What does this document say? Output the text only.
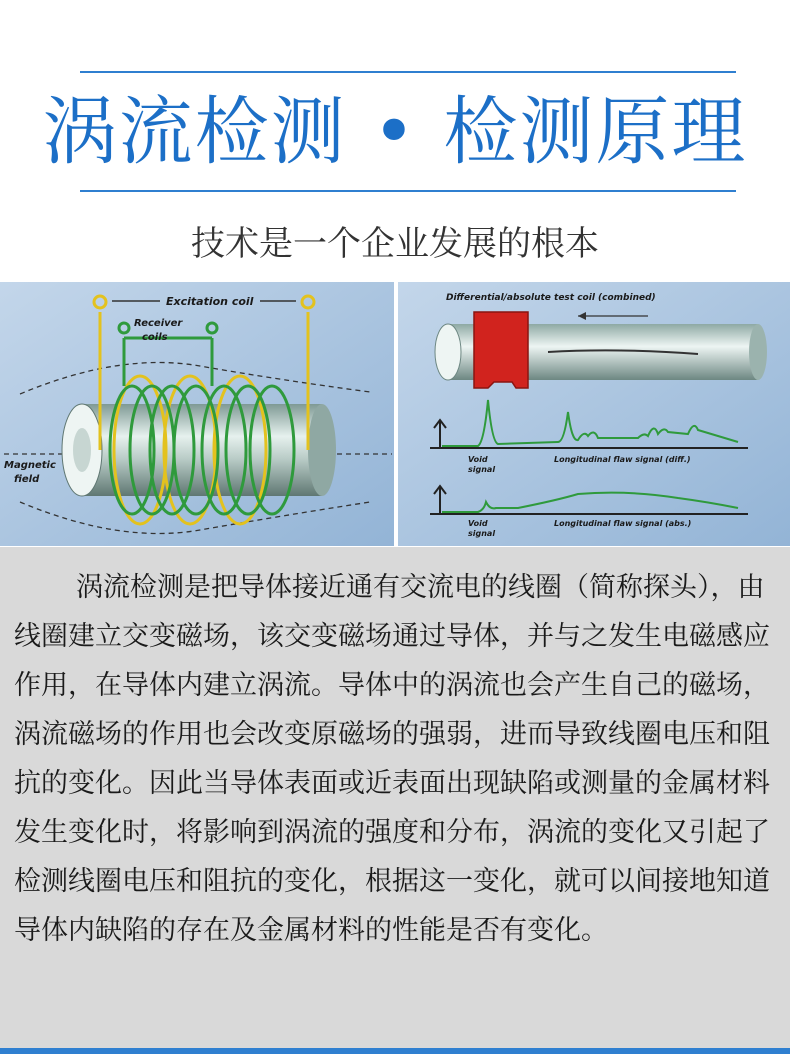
涡流检测 • 检测原理
技术是一个企业发展的根本
Excitation coil
Receiver
coils
Magnetic
field
Differential/absolute test coil (combined)
Void
signal
Longitudinal flaw signal (diff.)
Void
signal
Longitudinal flaw signal (abs.)
涡流检测是把导体接近通有交流电的线圈（简称探头），由线圈建立交变磁场，该交变磁场通过导体，并与之发生电磁感应作用，在导体内建立涡流。导体中的涡流也会产生自己的磁场，涡流磁场的作用也会改变原磁场的强弱，进而导致线圈电压和阻抗的变化。因此当导体表面或近表面出现缺陷或测量的金属材料发生变化时，将影响到涡流的强度和分布，涡流的变化又引起了检测线圈电压和阻抗的变化，根据这一变化，就可以间接地知道导体内缺陷的存在及金属材料的性能是否有变化。
